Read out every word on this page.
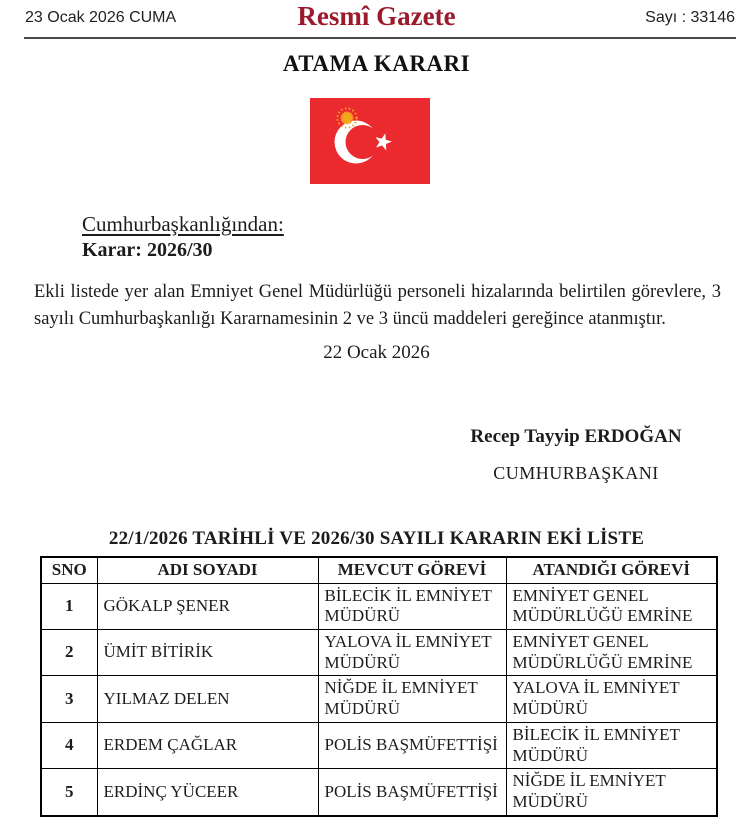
23 Ocak 2026 CUMA	Resmî Gazete	Sayı : 33146
ATAMA KARARI
Cumhurbaşkanlığından:
Karar: 2026/30

Ekli listede yer alan Emniyet Genel Müdürlüğü personeli hizalarında belirtilen görevlere, 3 sayılı Cumhurbaşkanlığı Kararnamesinin 2 ve 3 üncü maddeleri gereğince atanmıştır.

22 Ocak 2026
Recep Tayyip ERDOĞAN
CUMHURBAŞKANI
22/1/2026 TARİHLİ VE 2026/30 SAYILI KARARIN EKİ LİSTE
SNO	ADI SOYADI	MEVCUT GÖREVİ	ATANDIĞI GÖREVİ
1	GÖKALP ŞENER	BİLECİK İL EMNİYET MÜDÜRÜ	EMNİYET GENEL MÜDÜRLÜĞÜ EMRİNE
2	ÜMİT BİTİRİK	YALOVA İL EMNİYET MÜDÜRÜ	EMNİYET GENEL MÜDÜRLÜĞÜ EMRİNE
3	YILMAZ DELEN	NİĞDE İL EMNİYET MÜDÜRÜ	YALOVA İL EMNİYET MÜDÜRÜ
4	ERDEM ÇAĞLAR	POLİS BAŞMÜFETTİŞİ	BİLECİK İL EMNİYET MÜDÜRÜ
5	ERDİNÇ YÜCEER	POLİS BAŞMÜFETTİŞİ	NİĞDE İL EMNİYET MÜDÜRÜ
